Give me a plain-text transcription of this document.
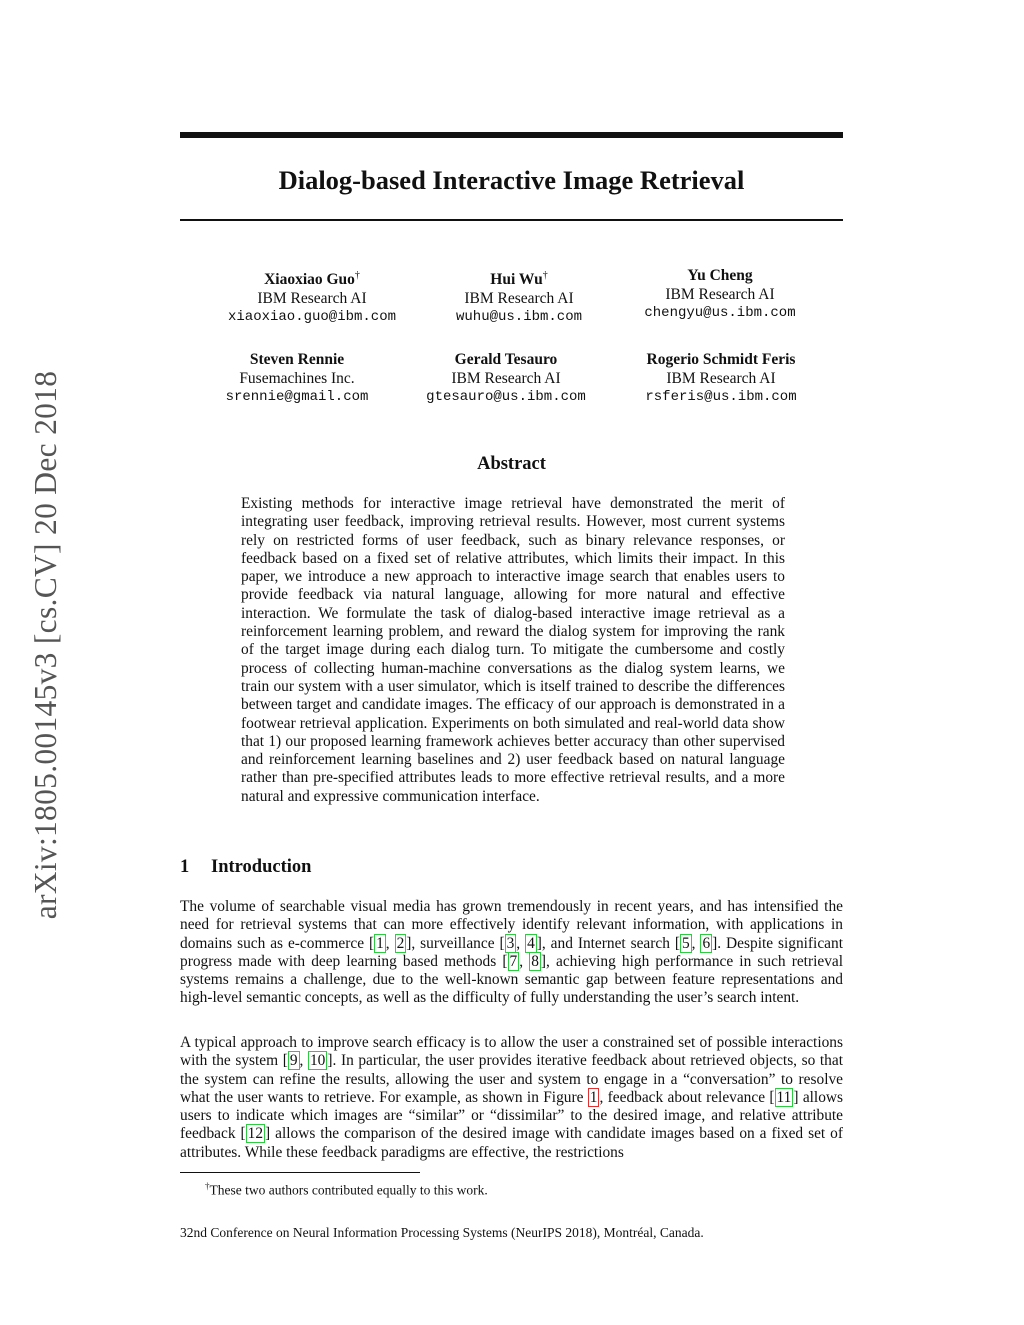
arXiv:1805.00145v3 [cs.CV] 20 Dec 2018
Dialog-based Interactive Image Retrieval
Xiaoxiao Guo†
IBM Research AI
xiaoxiao.guo@ibm.com
Hui Wu†
IBM Research AI
wuhu@us.ibm.com
Yu Cheng
IBM Research AI
chengyu@us.ibm.com
Steven Rennie
Fusemachines Inc.
srennie@gmail.com
Gerald Tesauro
IBM Research AI
gtesauro@us.ibm.com
Rogerio Schmidt Feris
IBM Research AI
rsferis@us.ibm.com
Abstract
Existing methods for interactive image retrieval have demonstrated the merit of integrating user feedback, improving retrieval results. However, most current systems rely on restricted forms of user feedback, such as binary relevance responses, or feedback based on a fixed set of relative attributes, which limits their impact. In this paper, we introduce a new approach to interactive image search that enables users to provide feedback via natural language, allowing for more natural and effective interaction. We formulate the task of dialog-based interactive image retrieval as a reinforcement learning problem, and reward the dialog system for improving the rank of the target image during each dialog turn. To mitigate the cumbersome and costly process of collecting human-machine conversations as the dialog system learns, we train our system with a user simulator, which is itself trained to describe the differences between target and candidate images. The efficacy of our approach is demonstrated in a footwear retrieval application. Experiments on both simulated and real-world data show that 1) our proposed learning framework achieves better accuracy than other supervised and reinforcement learning baselines and 2) user feedback based on natural language rather than pre-specified attributes leads to more effective retrieval results, and a more natural and expressive communication interface.
1 Introduction
The volume of searchable visual media has grown tremendously in recent years, and has intensified the need for retrieval systems that can more effectively identify relevant information, with applications in domains such as e-commerce [ 1 , 2 ], surveillance [ 3 , 4 ], and Internet search [ 5 , 6 ]. Despite significant progress made with deep learning based methods [ 7 , 8 ], achieving high performance in such retrieval systems remains a challenge, due to the well-known semantic gap between feature representations and high-level semantic concepts, as well as the difficulty of fully understanding the user’s search intent.
A typical approach to improve search efficacy is to allow the user a constrained set of possible interactions with the system [ 9 , 10 ]. In particular, the user provides iterative feedback about retrieved objects, so that the system can refine the results, allowing the user and system to engage in a “conversation” to resolve what the user wants to retrieve. For example, as shown in Figure 1 , feedback about relevance [ 11 ] allows users to indicate which images are “similar” or “dissimilar” to the desired image, and relative attribute feedback [ 12 ] allows the comparison of the desired image with candidate images based on a fixed set of attributes. While these feedback paradigms are effective, the restrictions
†These two authors contributed equally to this work.
32nd Conference on Neural Information Processing Systems (NeurIPS 2018), Montréal, Canada.
